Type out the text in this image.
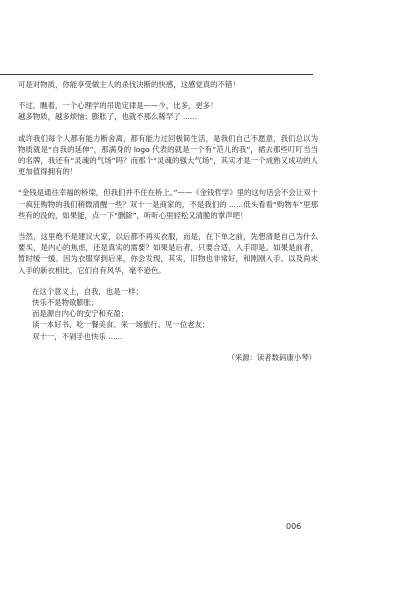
可是对物质，你能享受做主人的杀伐决断的快感，这感觉真的不错！

不过，瞧着，一个心理学的吊诡定律是——少，比多，更多！
越多物质，越多烦恼；膨胀了，也就不那么稀罕了 ......

或许我们每个人都有能力断舍离，都有能力过回极简生活，是我们自己不愿意，我们总以为物质就是“自我的延伸”，那满身的 logo 代表的就是一个有“范儿的我”，裙去那些叮叮当当的名牌，我还有“灵魂的气场”吗？而那个“灵魂的强大气场”，其实才是一个成熟又成功的人更加值得拥有的！

“金钱是通往幸福的桥梁，但我们并不住在桥上。”——《金钱哲学》里的这句话会不会让双十一疯狂购物的我们稍微清醒一些？双十一是商家的，不是我们的 ......低头看看“购物车”里那些有的没的，如果能，点一下“删除”，听听心里轻松又清脆的掌声吧！

当然，这里绝不是建议大家，以后都不再买衣服，而是，在下单之前，先想清楚自己为什么要买，是内心的焦虑，还是真实的需要？如果是后者，只要合适，入手即是。如果是前者，暂时缓一缓。因为衣服穿到后来，你会发现，其实，旧物也非常好，和刚刚入手、以及尚未入手的新衣相比，它们自有风华，毫不逊色。

在这个意义上，自我，也是一样；
快乐不是物欲膨胀；
而是源自内心的安宁和充盈；
读一本好书、吃一餐美食、来一场旅行、见一位老友；
双十一，不剁手也快乐 ......

（来源：读者数码康小琴）

006
